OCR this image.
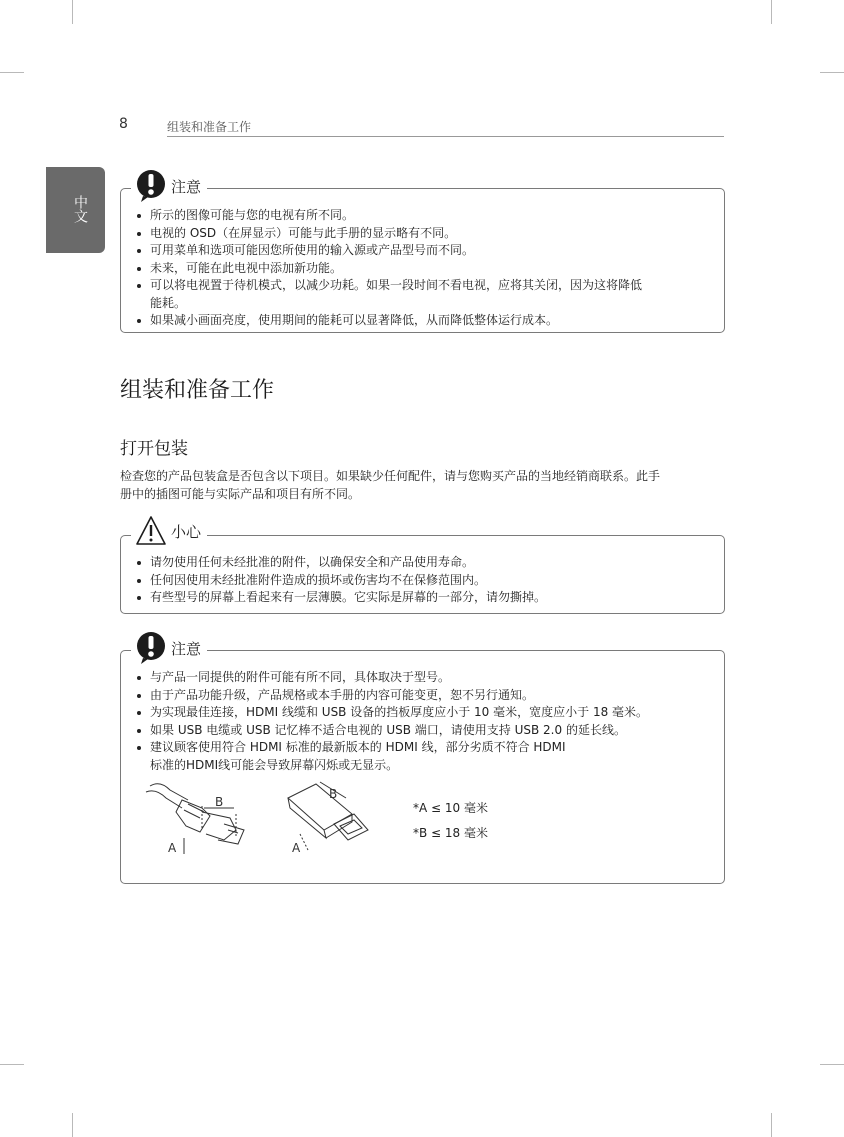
8	组装和准备工作
中文
注意
所示的图像可能与您的电视有所不同。
电视的 OSD（在屏显示）可能与此手册的显示略有不同。
可用菜单和选项可能因您所使用的输入源或产品型号而不同。
未来，可能在此电视中添加新功能。
可以将电视置于待机模式，以减少功耗。如果一段时间不看电视，应将其关闭，因为这将降低
能耗。
如果减小画面亮度，使用期间的能耗可以显著降低，从而降低整体运行成本。
组装和准备工作
打开包装
检查您的产品包装盒是否包含以下项目。如果缺少任何配件，请与您购买产品的当地经销商联系。此手
册中的插图可能与实际产品和项目有所不同。
小心
请勿使用任何未经批准的附件，以确保安全和产品使用寿命。
任何因使用未经批准附件造成的损坏或伤害均不在保修范围内。
有些型号的屏幕上看起来有一层薄膜。它实际是屏幕的一部分，请勿撕掉。
注意
与产品一同提供的附件可能有所不同，具体取决于型号。
由于产品功能升级，产品规格或本手册的内容可能变更，恕不另行通知。
为实现最佳连接，HDMI 线缆和 USB 设备的挡板厚度应小于 10 毫米，宽度应小于 18 毫米。
如果 USB 电缆或 USB 记忆棒不适合电视的 USB 端口，请使用支持 USB 2.0 的延长线。
建议顾客使用符合 HDMI 标准的最新版本的 HDMI 线，部分劣质不符合 HDMI
标准的HDMI线可能会导致屏幕闪烁或无显示。
B
A
B
A
*A ≤ 10 毫米
*B ≤ 18 毫米
